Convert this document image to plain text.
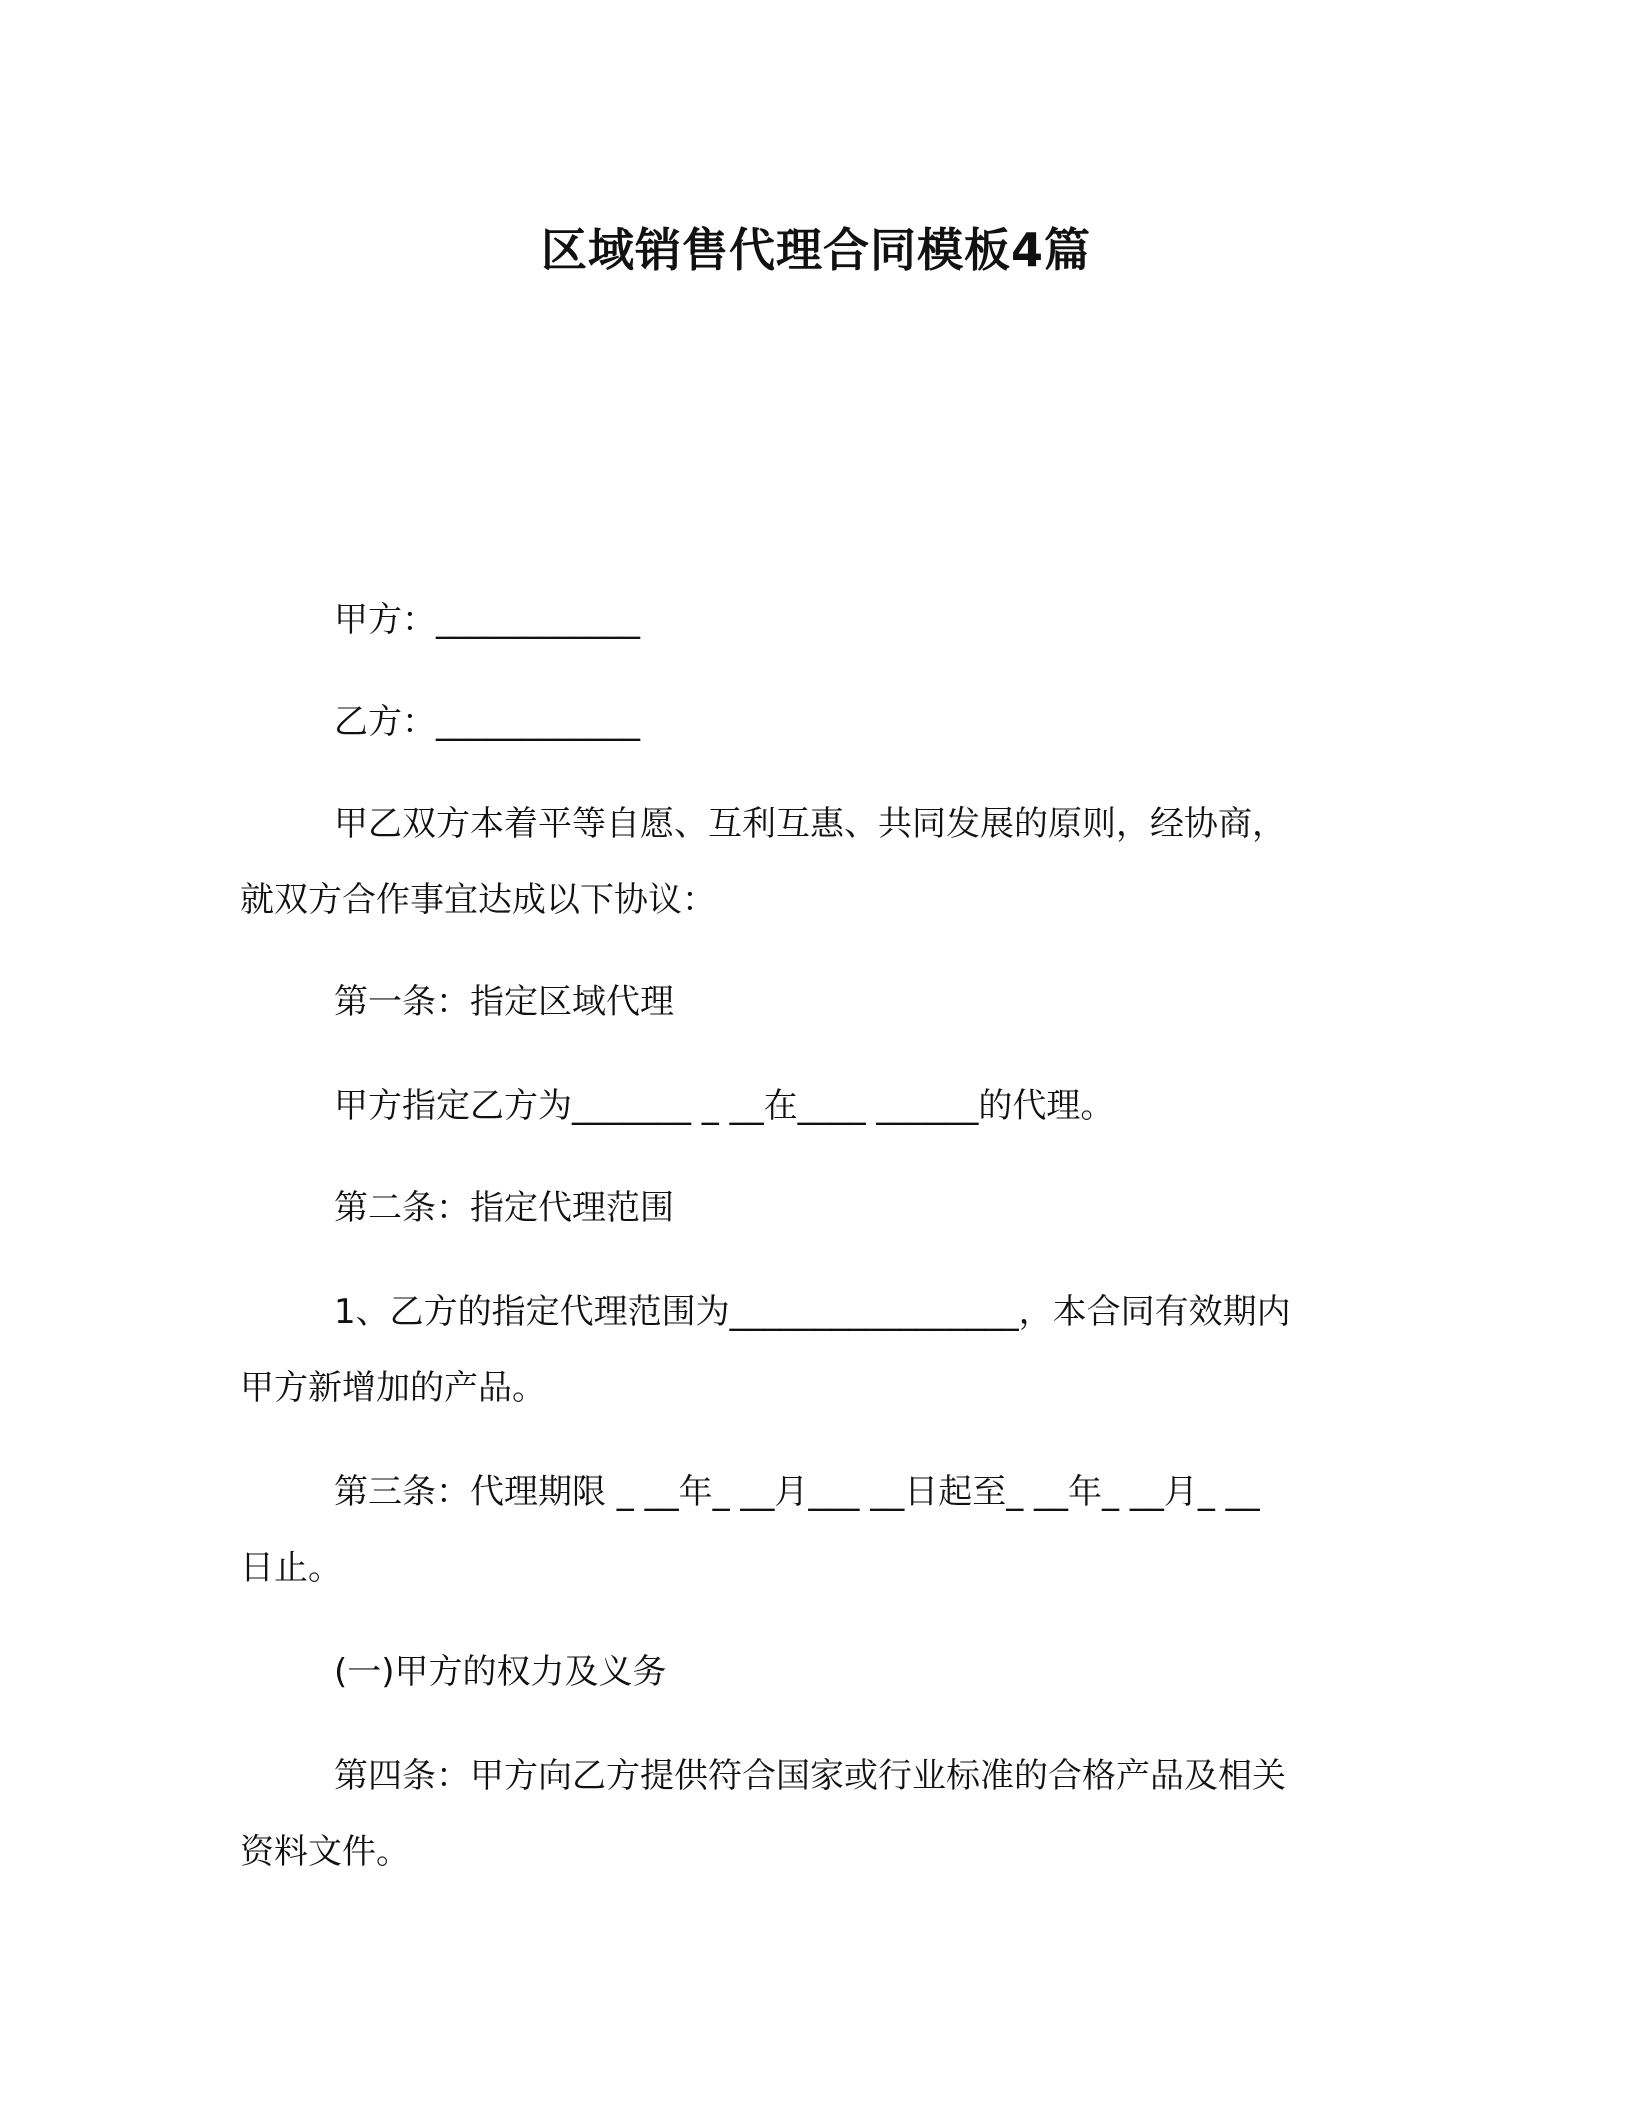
区域销售代理合同模板4篇
甲方：____________
乙方：____________
甲乙双方本着平等自愿、互利互惠、共同发展的原则，经协商，
就双方合作事宜达成以下协议：
第一条：指定区域代理
甲方指定乙方为_______ _ __在____ ______的代理。
第二条：指定代理范围
1、乙方的指定代理范围为_________________，本合同有效期内
甲方新增加的产品。
第三条：代理期限 _ __年_ __月___ __日起至_ __年_ __月_ __
日止。
(一)甲方的权力及义务
第四条：甲方向乙方提供符合国家或行业标准的合格产品及相关
资料文件。
